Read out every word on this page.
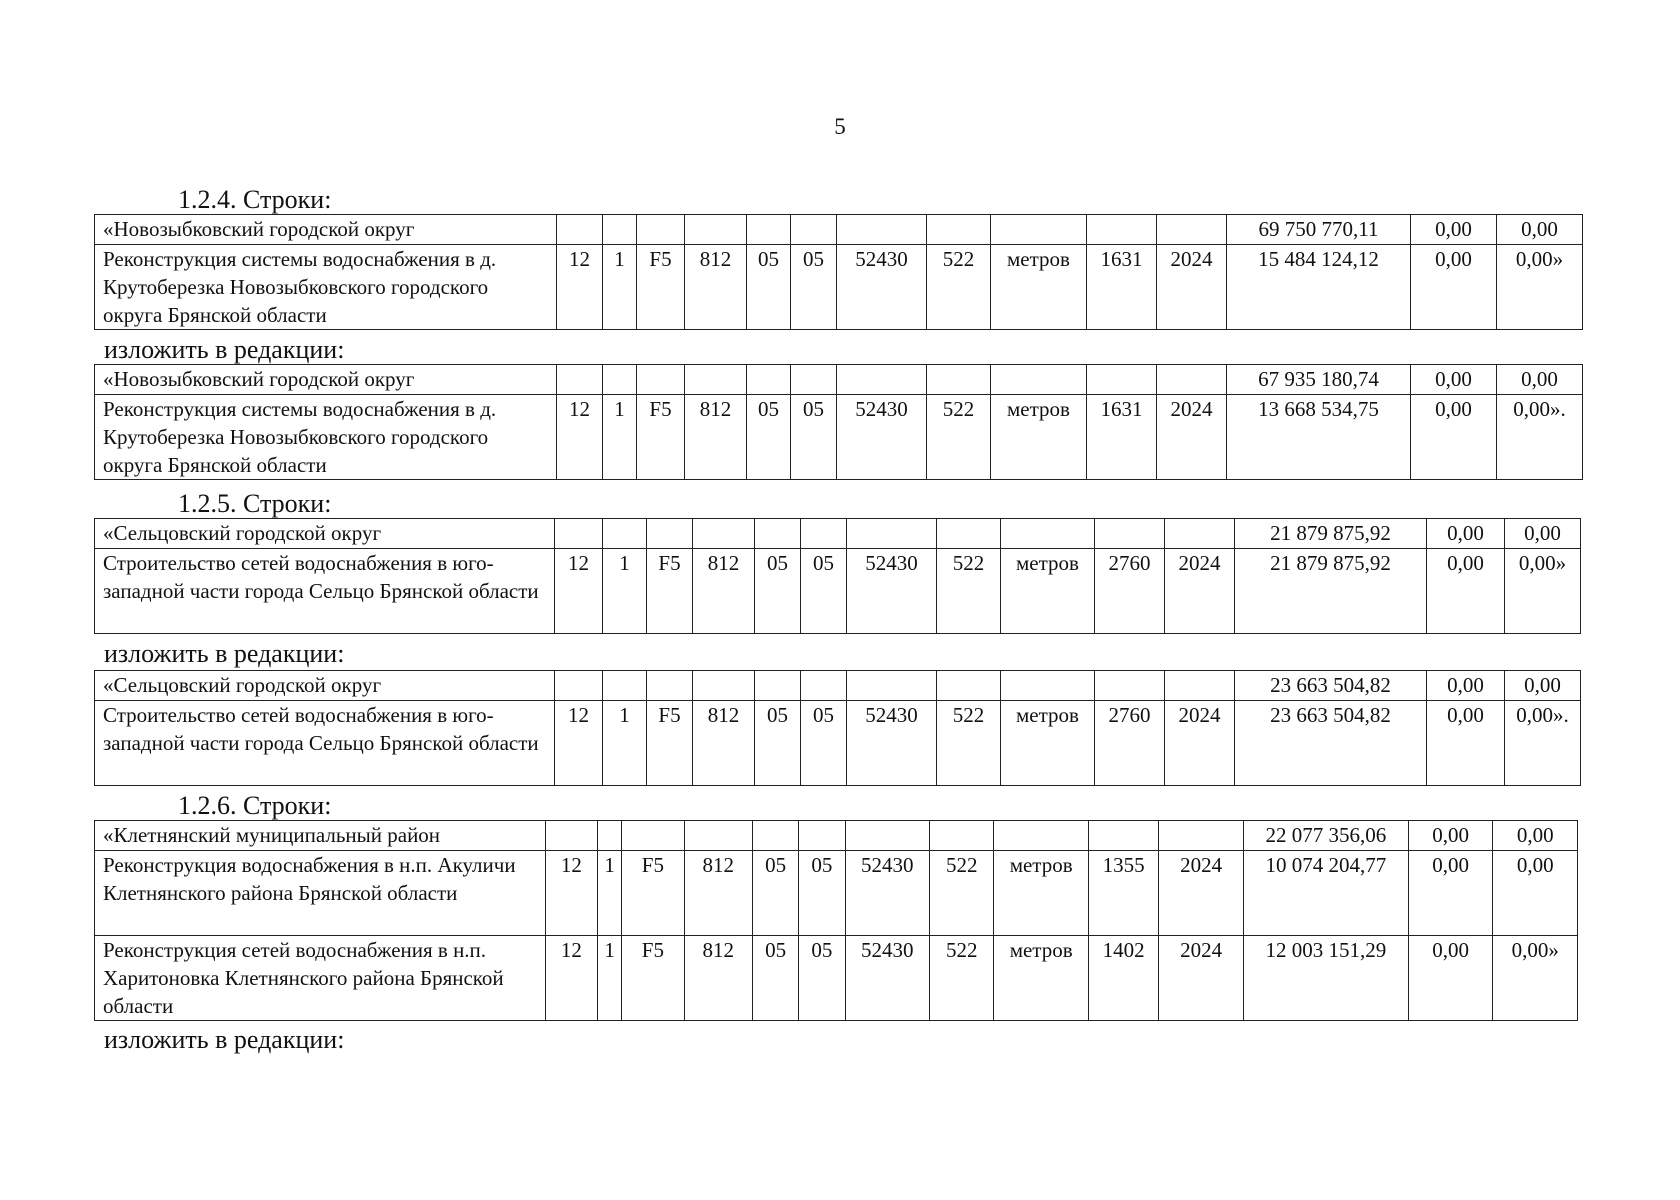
5
1.2.4. Строки:
«Новозыбковский городской округ												69 750 770,11	0,00	0,00
Реконструкция системы водоснабжения в д. Крутоберезка Новозыбковского городского округа Брянской области	12	1	F5	812	05	05	52430	522	метров	1631	2024	15 484 124,12	0,00	0,00»
изложить в редакции:
«Новозыбковский городской округ												67 935 180,74	0,00	0,00
Реконструкция системы водоснабжения в д. Крутоберезка Новозыбковского городского округа Брянской области	12	1	F5	812	05	05	52430	522	метров	1631	2024	13 668 534,75	0,00	0,00».
1.2.5. Строки:
«Сельцовский городской округ												21 879 875,92	0,00	0,00
Строительство сетей водоснабжения в юго-западной части города Сельцо Брянской области	12	1	F5	812	05	05	52430	522	метров	2760	2024	21 879 875,92	0,00	0,00»
изложить в редакции:
«Сельцовский городской округ												23 663 504,82	0,00	0,00
Строительство сетей водоснабжения в юго-западной части города Сельцо Брянской области	12	1	F5	812	05	05	52430	522	метров	2760	2024	23 663 504,82	0,00	0,00».
1.2.6. Строки:
«Клетнянский муниципальный район												22 077 356,06	0,00	0,00
Реконструкция водоснабжения в н.п. Акуличи Клетнянского района Брянской области	12	1	F5	812	05	05	52430	522	метров	1355	2024	10 074 204,77	0,00	0,00
Реконструкция сетей водоснабжения в н.п. Харитоновка Клетнянского района Брянской области	12	1	F5	812	05	05	52430	522	метров	1402	2024	12 003 151,29	0,00	0,00»
изложить в редакции:
